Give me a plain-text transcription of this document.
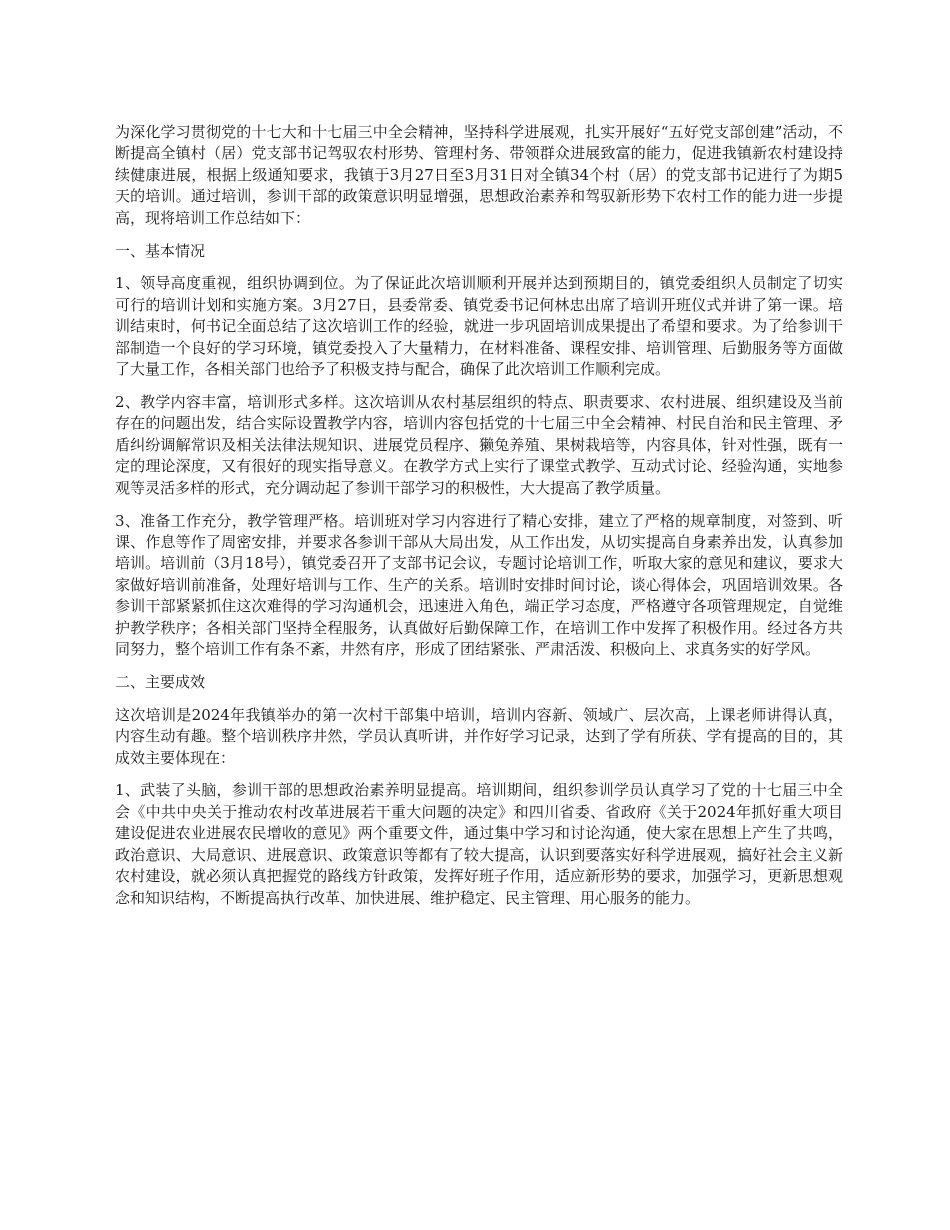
为深化学习贯彻党的十七大和十七届三中全会精神，坚持科学进展观，扎实开展好“五好党支部创建”活动，不断提高全镇村（居）党支部书记驾驭农村形势、管理村务、带领群众进展致富的能力，促进我镇新农村建设持续健康进展，根据上级通知要求，我镇于3月27日至3月31日对全镇34个村（居）的党支部书记进行了为期5天的培训。通过培训，参训干部的政策意识明显增强，思想政治素养和驾驭新形势下农村工作的能力进一步提高，现将培训工作总结如下：

一、基本情况

1、领导高度重视，组织协调到位。为了保证此次培训顺利开展并达到预期目的，镇党委组织人员制定了切实可行的培训计划和实施方案。3月27日，县委常委、镇党委书记何林忠出席了培训开班仪式并讲了第一课。培训结束时，何书记全面总结了这次培训工作的经验，就进一步巩固培训成果提出了希望和要求。为了给参训干部制造一个良好的学习环境，镇党委投入了大量精力，在材料准备、课程安排、培训管理、后勤服务等方面做了大量工作，各相关部门也给予了积极支持与配合，确保了此次培训工作顺利完成。

2、教学内容丰富，培训形式多样。这次培训从农村基层组织的特点、职责要求、农村进展、组织建设及当前存在的问题出发，结合实际设置教学内容，培训内容包括党的十七届三中全会精神、村民自治和民主管理、矛盾纠纷调解常识及相关法律法规知识、进展党员程序、獭兔养殖、果树栽培等，内容具体，针对性强，既有一定的理论深度，又有很好的现实指导意义。在教学方式上实行了课堂式教学、互动式讨论、经验沟通，实地参观等灵活多样的形式，充分调动起了参训干部学习的积极性，大大提高了教学质量。

3、准备工作充分，教学管理严格。培训班对学习内容进行了精心安排，建立了严格的规章制度，对签到、听课、作息等作了周密安排，并要求各参训干部从大局出发，从工作出发，从切实提高自身素养出发，认真参加培训。培训前（3月18号），镇党委召开了支部书记会议，专题讨论培训工作，听取大家的意见和建议，要求大家做好培训前准备，处理好培训与工作、生产的关系。培训时安排时间讨论，谈心得体会，巩固培训效果。各参训干部紧紧抓住这次难得的学习沟通机会，迅速进入角色，端正学习态度，严格遵守各项管理规定，自觉维护教学秩序；各相关部门坚持全程服务，认真做好后勤保障工作，在培训工作中发挥了积极作用。经过各方共同努力，整个培训工作有条不紊，井然有序，形成了团结紧张、严肃活泼、积极向上、求真务实的好学风。

二、主要成效

这次培训是2024年我镇举办的第一次村干部集中培训，培训内容新、领域广、层次高，上课老师讲得认真，内容生动有趣。整个培训秩序井然，学员认真听讲，并作好学习记录，达到了学有所获、学有提高的目的，其成效主要体现在：

1、武装了头脑，参训干部的思想政治素养明显提高。培训期间，组织参训学员认真学习了党的十七届三中全会《中共中央关于推动农村改革进展若干重大问题的决定》和四川省委、省政府《关于2024年抓好重大项目建设促进农业进展农民增收的意见》两个重要文件，通过集中学习和讨论沟通，使大家在思想上产生了共鸣，政治意识、大局意识、进展意识、政策意识等都有了较大提高，认识到要落实好科学进展观，搞好社会主义新农村建设，就必须认真把握党的路线方针政策，发挥好班子作用，适应新形势的要求，加强学习，更新思想观念和知识结构，不断提高执行改革、加快进展、维护稳定、民主管理、用心服务的能力。
